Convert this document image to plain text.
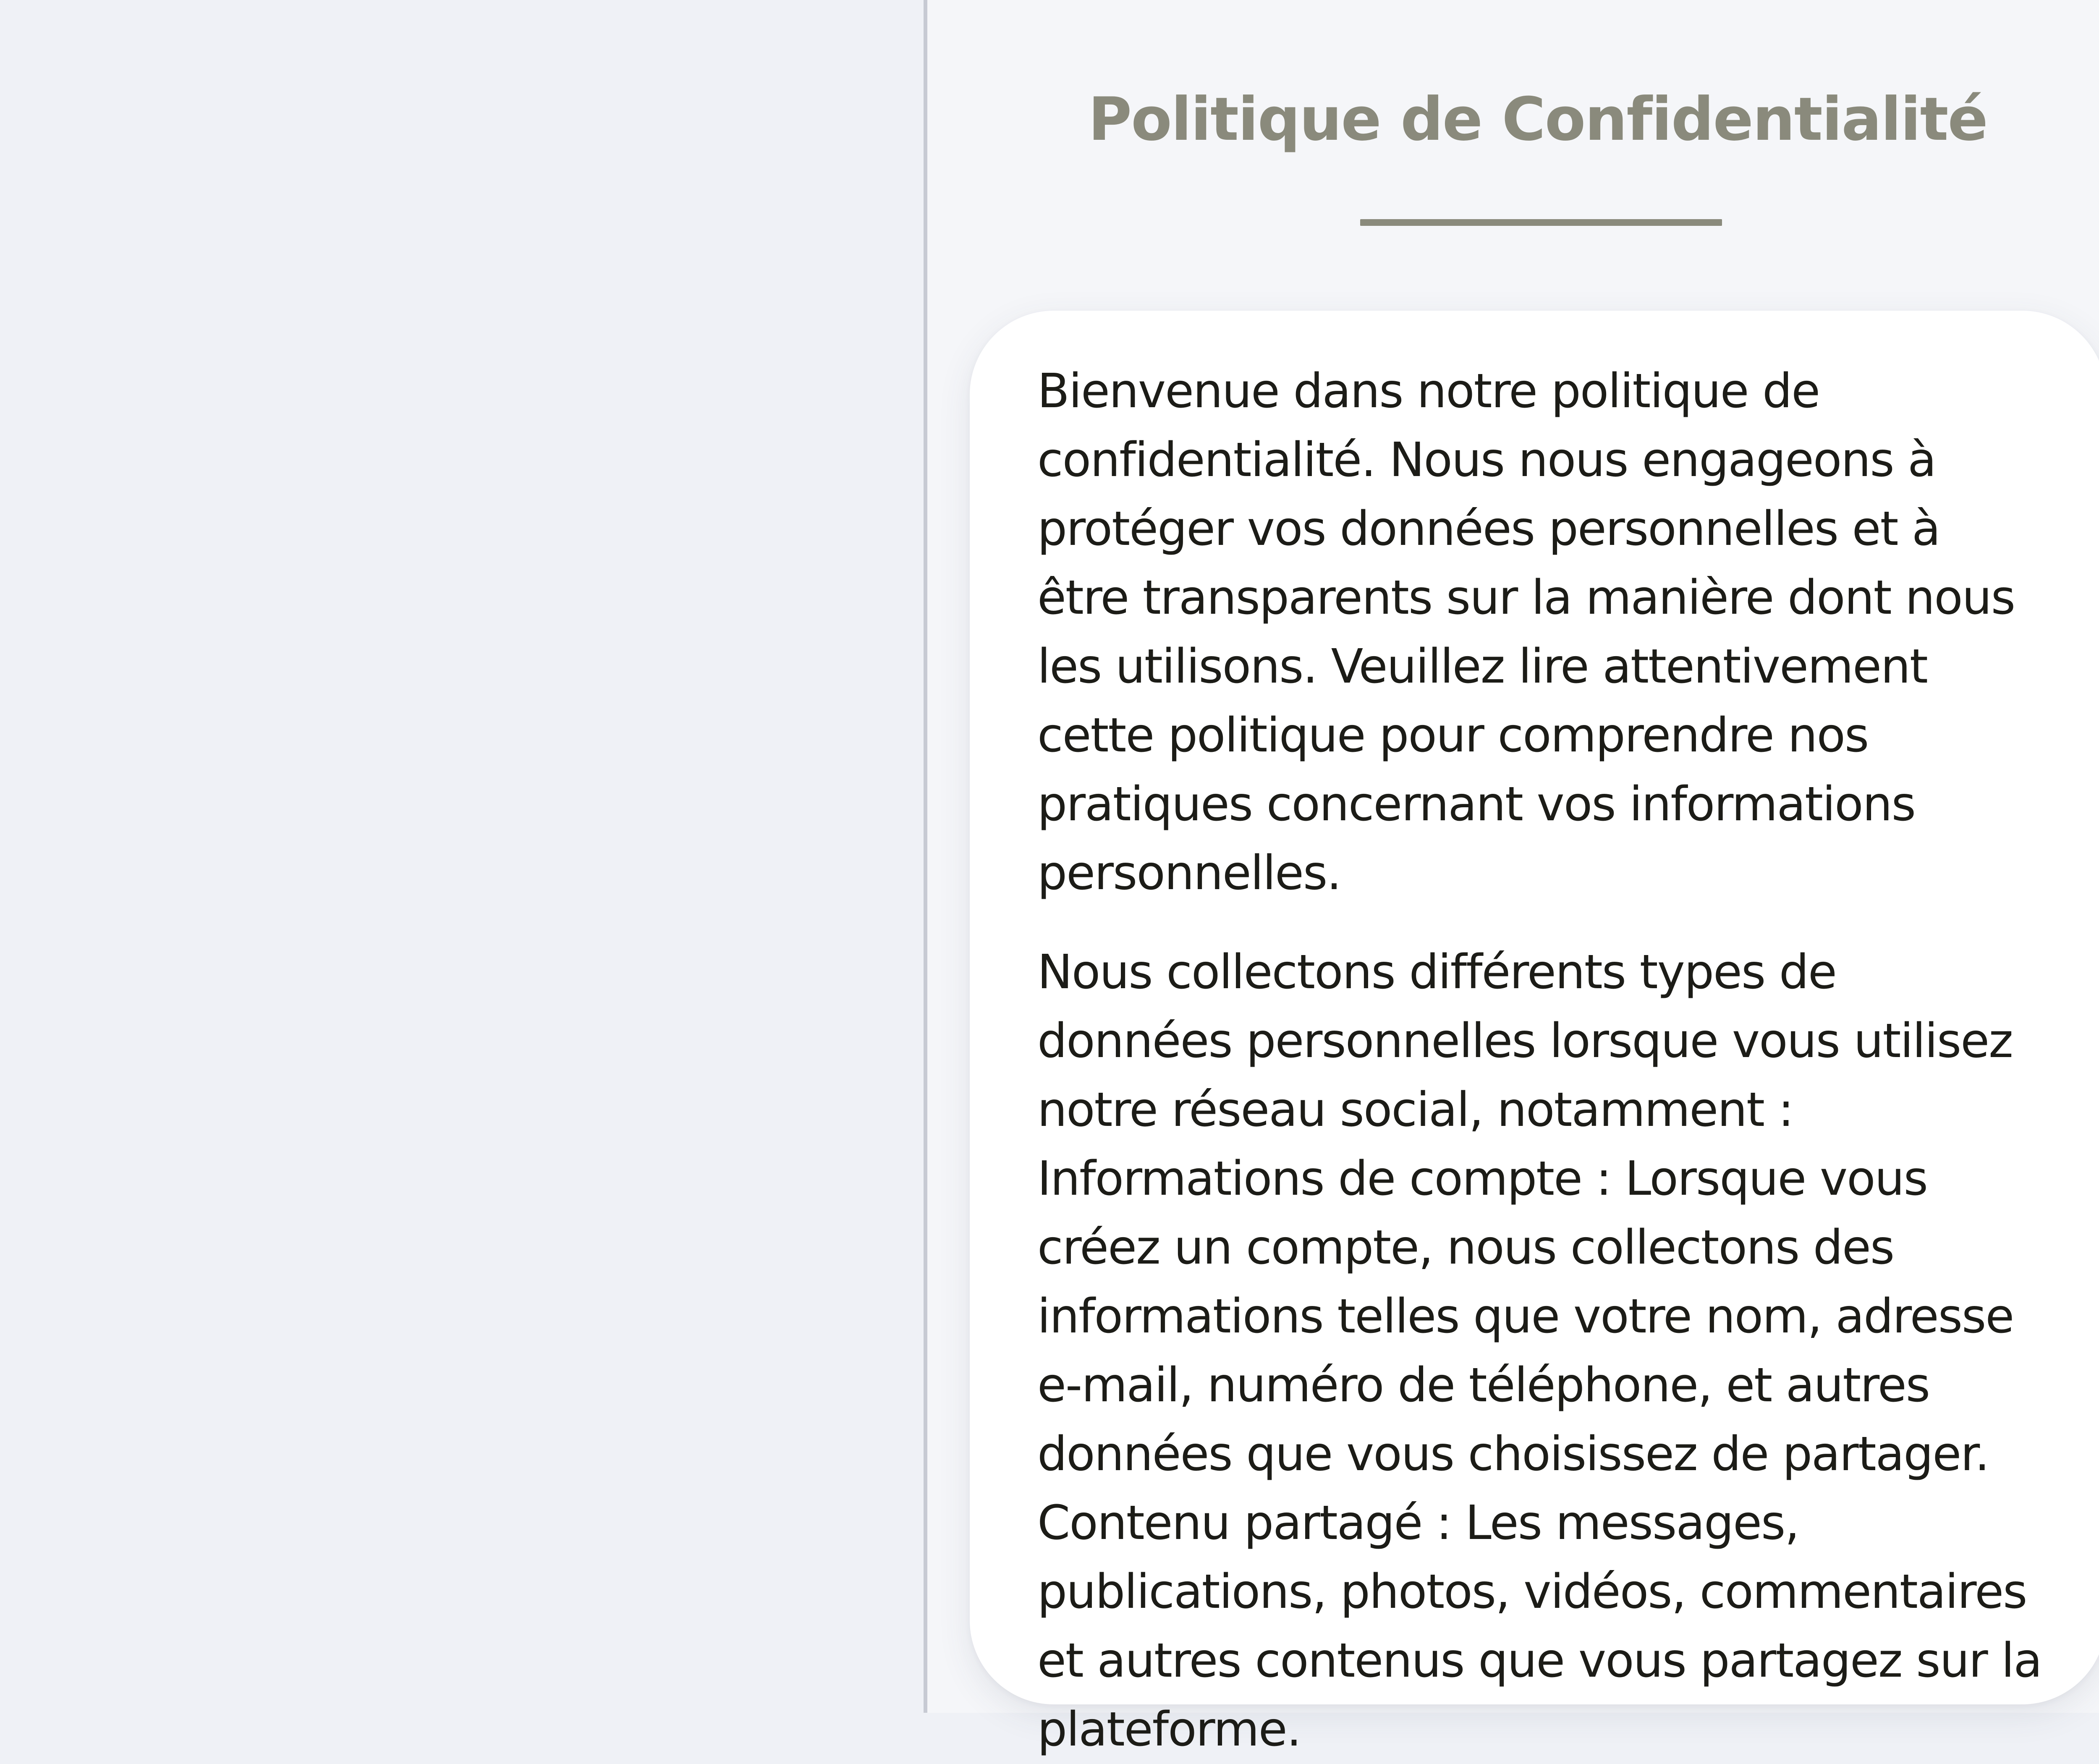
Politique de Confidentialité

Bienvenue dans notre politique de confidentialité. Nous nous engageons à protéger vos données personnelles et à être transparents sur la manière dont nous les utilisons. Veuillez lire attentivement cette politique pour comprendre nos pratiques concernant vos informations personnelles.

Nous collectons différents types de données personnelles lorsque vous utilisez notre réseau social, notamment :
Informations de compte : Lorsque vous créez un compte, nous collectons des informations telles que votre nom, adresse e-mail, numéro de téléphone, et autres données que vous choisissez de partager.
Contenu partagé : Les messages, publications, photos, vidéos, commentaires et autres contenus que vous partagez sur la plateforme.
